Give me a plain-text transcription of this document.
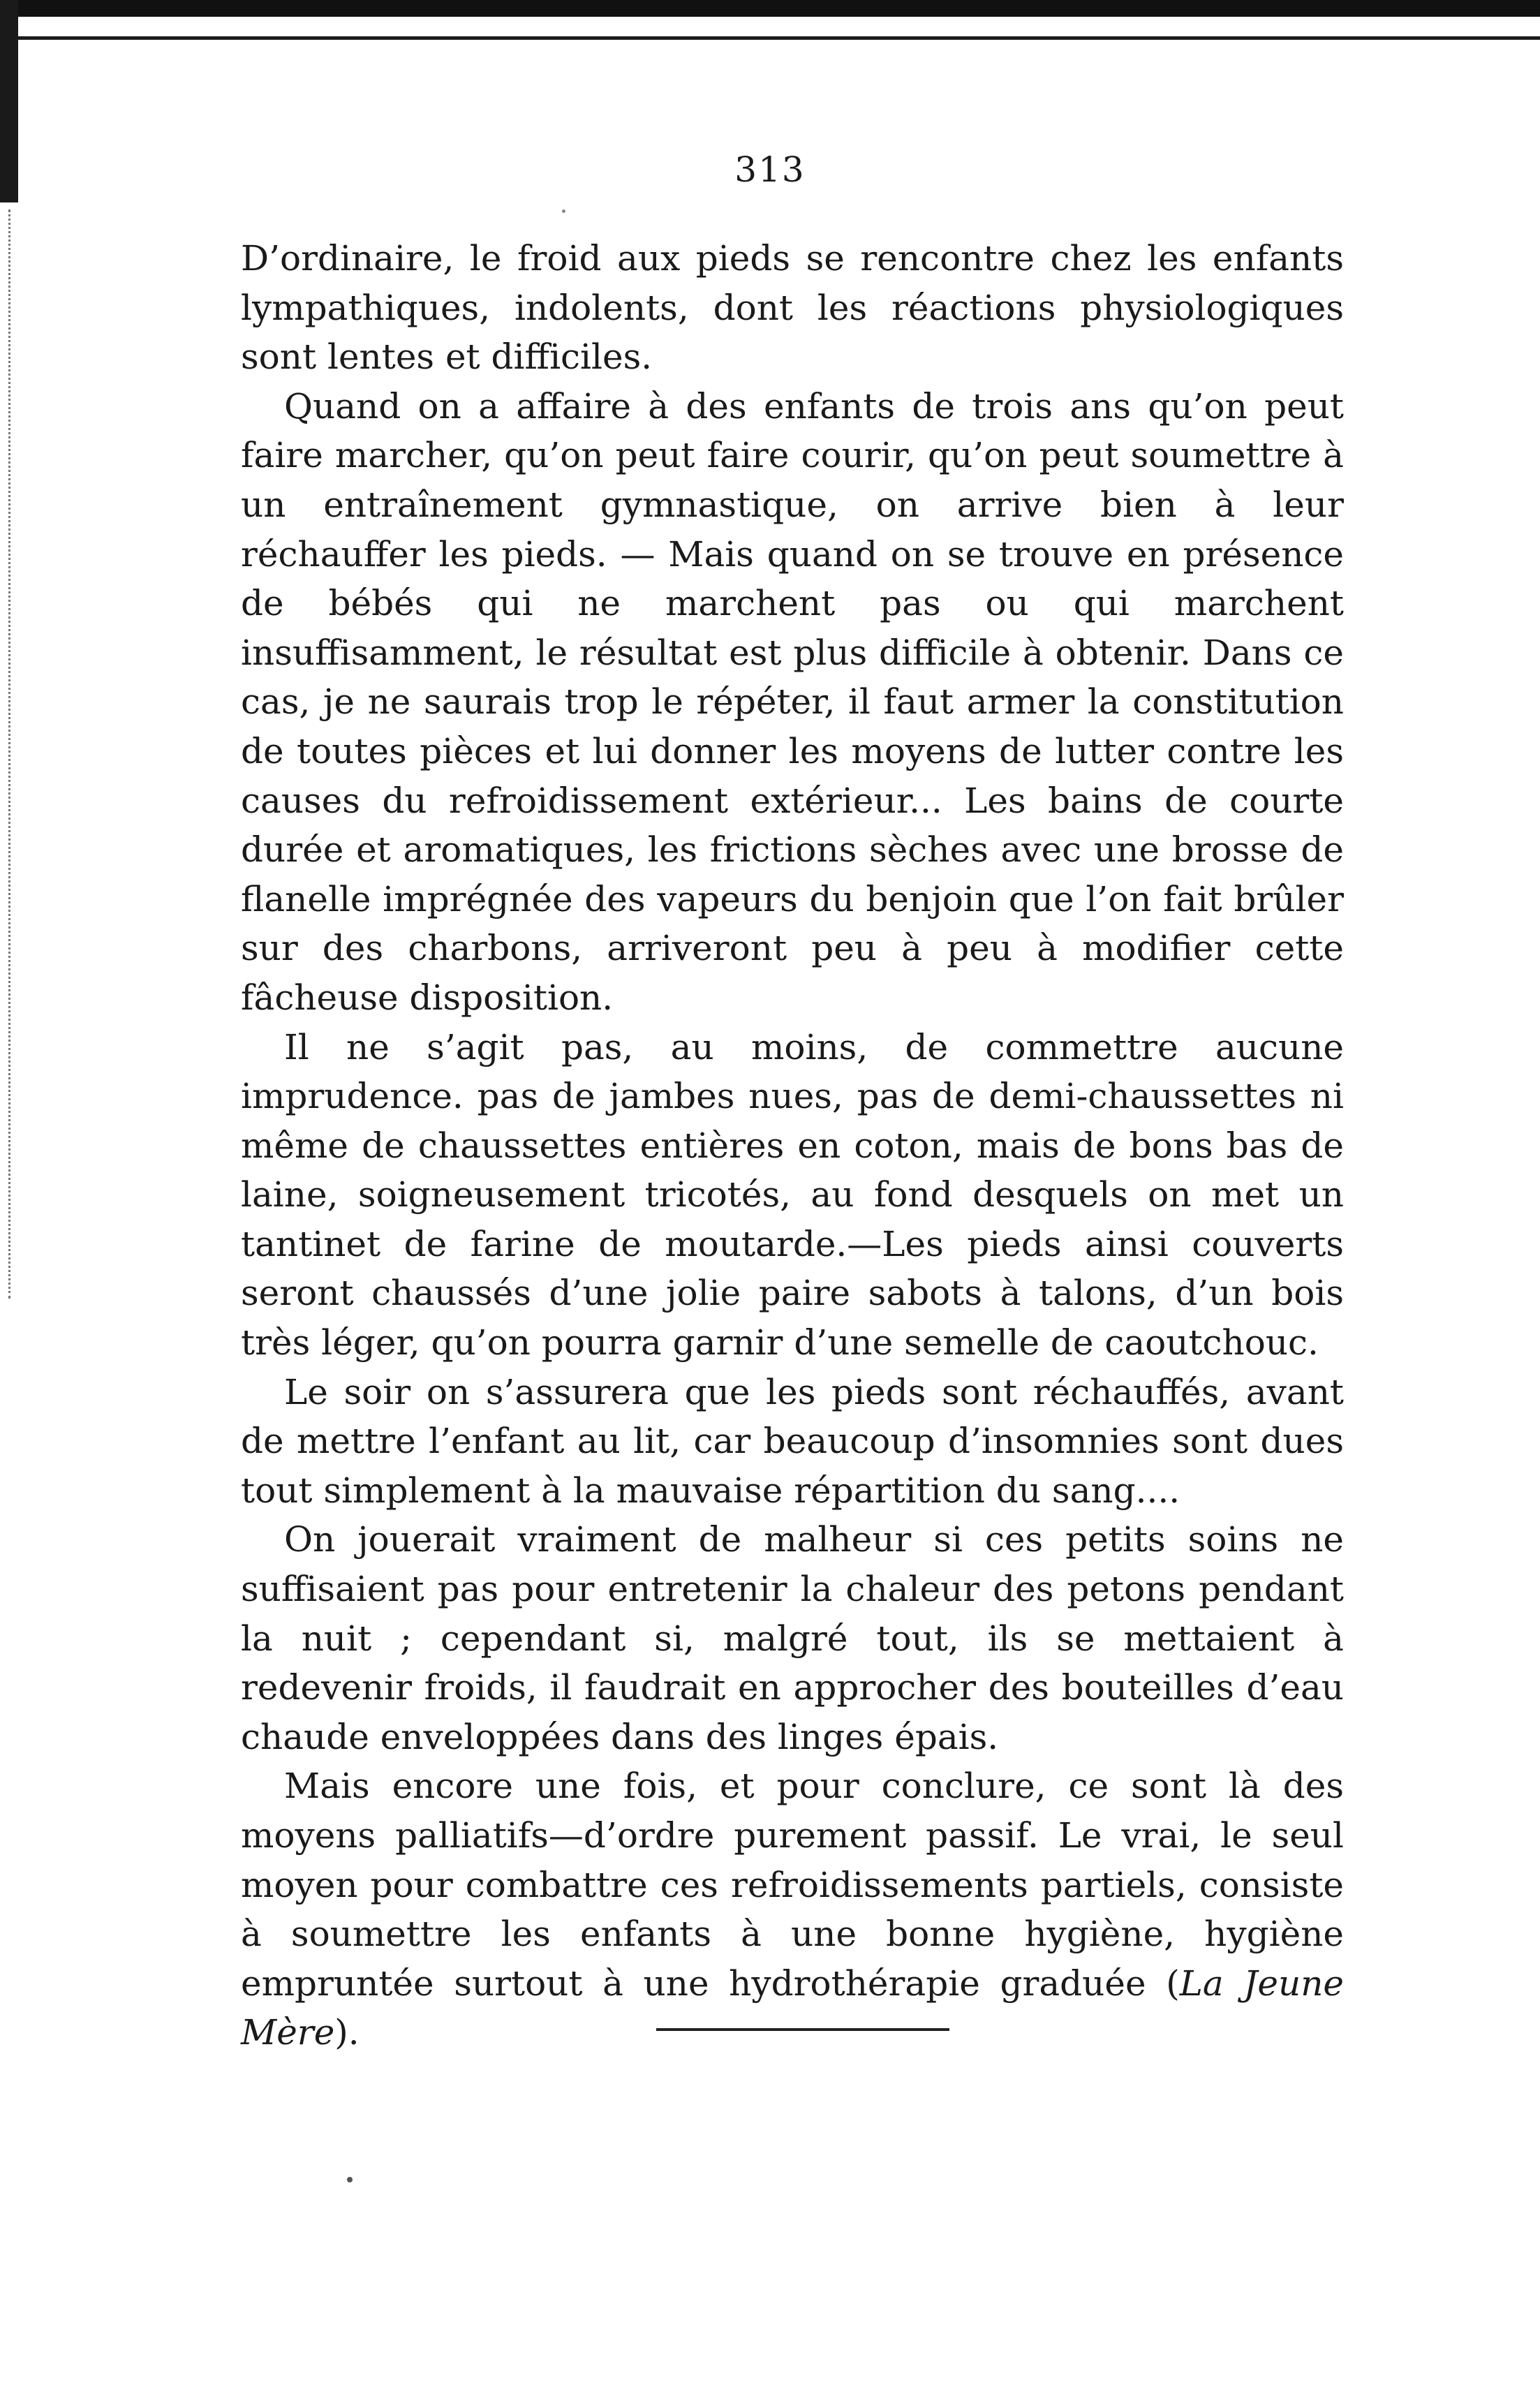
313

D’ordinaire, le froid aux pieds se rencontre chez les enfants lympathiques, indolents, dont les réactions physiologiques sont lentes et difficiles.

Quand on a affaire à des enfants de trois ans qu’on peut faire marcher, qu’on peut faire courir, qu’on peut soumettre à un entraînement gymnastique, on arrive bien à leur réchauffer les pieds. — Mais quand on se trouve en présence de bébés qui ne marchent pas ou qui marchent insuffisamment, le résultat est plus difficile à obtenir. Dans ce cas, je ne saurais trop le répéter, il faut armer la constitution de toutes pièces et lui donner les moyens de lutter contre les causes du refroidissement extérieur... Les bains de courte durée et aromatiques, les frictions sèches avec une brosse de flanelle imprégnée des vapeurs du benjoin que l’on fait brûler sur des charbons, arriveront peu à peu à modifier cette fâcheuse disposition.

Il ne s’agit pas, au moins, de commettre aucune imprudence. pas de jambes nues, pas de demi-chaussettes ni même de chaussettes entières en coton, mais de bons bas de laine, soigneusement tricotés, au fond desquels on met un tantinet de farine de moutarde.—Les pieds ainsi couverts seront chaussés d’une jolie paire sabots à talons, d’un bois très léger, qu’on pourra garnir d’une semelle de caoutchouc.

Le soir on s’assurera que les pieds sont réchauffés, avant de mettre l’enfant au lit, car beaucoup d’insomnies sont dues tout simplement à la mauvaise répartition du sang....

On jouerait vraiment de malheur si ces petits soins ne suffisaient pas pour entretenir la chaleur des petons pendant la nuit ; cependant si, malgré tout, ils se mettaient à redevenir froids, il faudrait en approcher des bouteilles d’eau chaude enveloppées dans des linges épais.

Mais encore une fois, et pour conclure, ce sont là des moyens palliatifs—d’ordre purement passif. Le vrai, le seul moyen pour combattre ces refroidissements partiels, consiste à soumettre les enfants à une bonne hygiène, hygiène empruntée surtout à une hydrothérapie graduée (La Jeune Mère).
